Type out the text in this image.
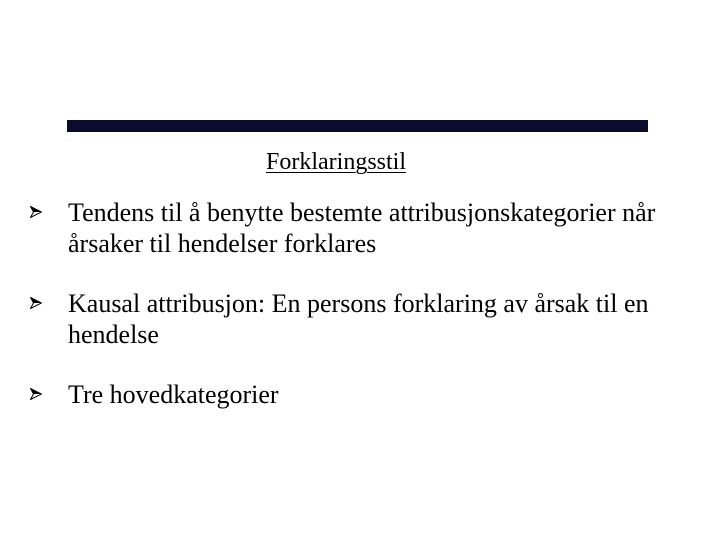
Forklaringsstil
Tendens til å benytte bestemte attribusjonskategorier når årsaker til hendelser forklares
Kausal attribusjon: En persons forklaring av årsak til en hendelse
Tre hovedkategorier
